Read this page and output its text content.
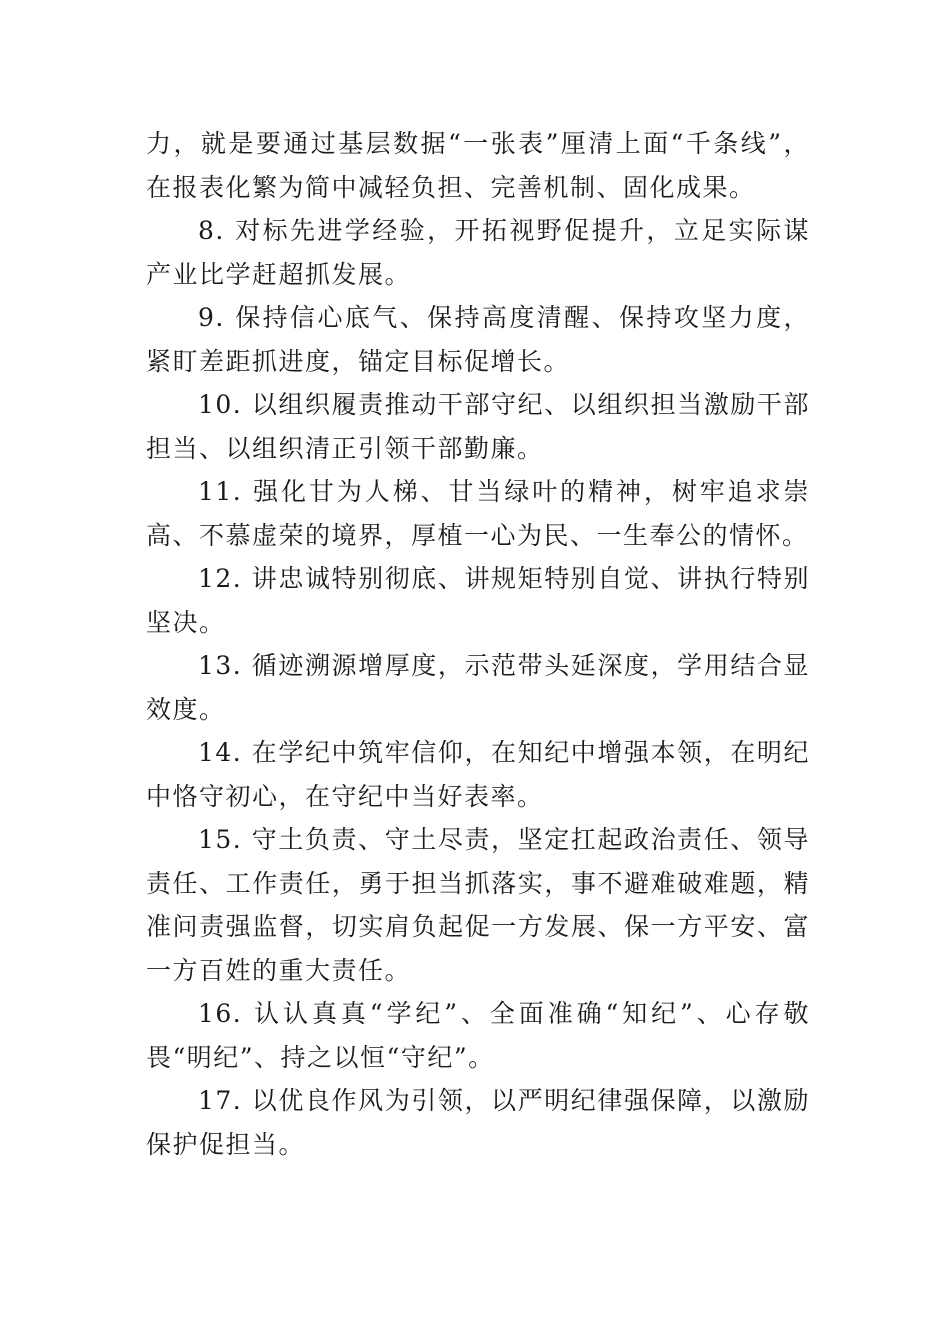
力，就是要通过基层数据“一张表”厘清上面“千条线”，在报表化繁为简中减轻负担、完善机制、固化成果。

8. 对标先进学经验，开拓视野促提升，立足实际谋产业比学赶超抓发展。

9. 保持信心底气、保持高度清醒、保持攻坚力度，紧盯差距抓进度，锚定目标促增长。

10. 以组织履责推动干部守纪、以组织担当激励干部担当、以组织清正引领干部勤廉。

11. 强化甘为人梯、甘当绿叶的精神，树牢追求崇高、不慕虚荣的境界，厚植一心为民、一生奉公的情怀。

12. 讲忠诚特别彻底、讲规矩特别自觉、讲执行特别坚决。

13. 循迹溯源增厚度，示范带头延深度，学用结合显效度。

14. 在学纪中筑牢信仰，在知纪中增强本领，在明纪中恪守初心，在守纪中当好表率。

15. 守土负责、守土尽责，坚定扛起政治责任、领导责任、工作责任，勇于担当抓落实，事不避难破难题，精准问责强监督，切实肩负起促一方发展、保一方平安、富一方百姓的重大责任。

16. 认认真真“学纪”、全面准确“知纪”、心存敬畏“明纪”、持之以恒“守纪”。

17. 以优良作风为引领，以严明纪律强保障，以激励保护促担当。
